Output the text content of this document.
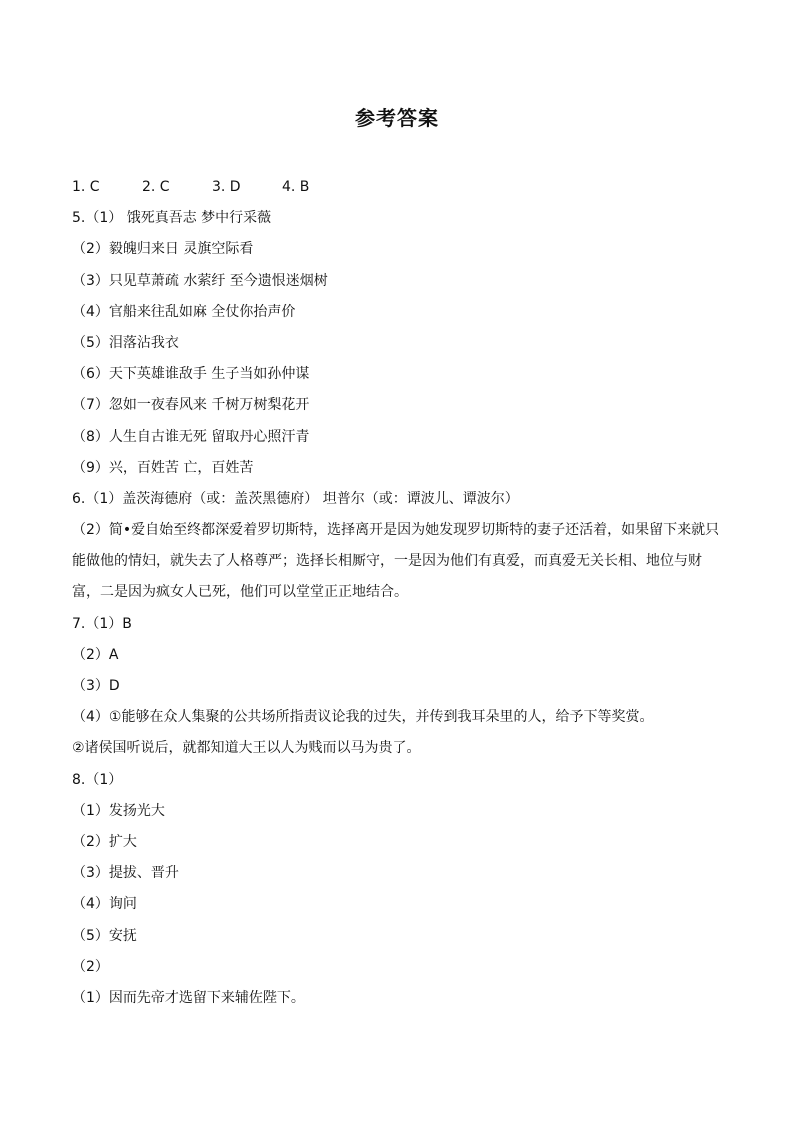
参考答案
1. C	2. C	3. D	4. B
5.（1） 饿死真吾志 梦中行采薇
（2）毅魄归来日 灵旗空际看
（3）只见草萧疏 水萦纡 至今遗恨迷烟树
（4）官船来往乱如麻 全仗你抬声价
（5）泪落沾我衣
（6）天下英雄谁敌手 生子当如孙仲谋
（7）忽如一夜春风来 千树万树梨花开
（8）人生自古谁无死 留取丹心照汗青
（9）兴，百姓苦 亡，百姓苦
6.（1）盖茨海德府（或：盖茨黑德府） 坦普尔（或：谭波儿、谭波尔）
（2）简•爱自始至终都深爱着罗切斯特，选择离开是因为她发现罗切斯特的妻子还活着，如果留下来就只能做他的情妇，就失去了人格尊严；选择长相厮守，一是因为他们有真爱，而真爱无关长相、地位与财富，二是因为疯女人已死，他们可以堂堂正正地结合。
7.（1）B
（2）A
（3）D
（4）①能够在众人集聚的公共场所指责议论我的过失，并传到我耳朵里的人，给予下等奖赏。
②诸侯国听说后，就都知道大王以人为贱而以马为贵了。
8.（1）
（1）发扬光大
（2）扩大
（3）提拔、晋升
（4）询问
（5）安抚
（2）
（1）因而先帝才选留下来辅佐陛下。
